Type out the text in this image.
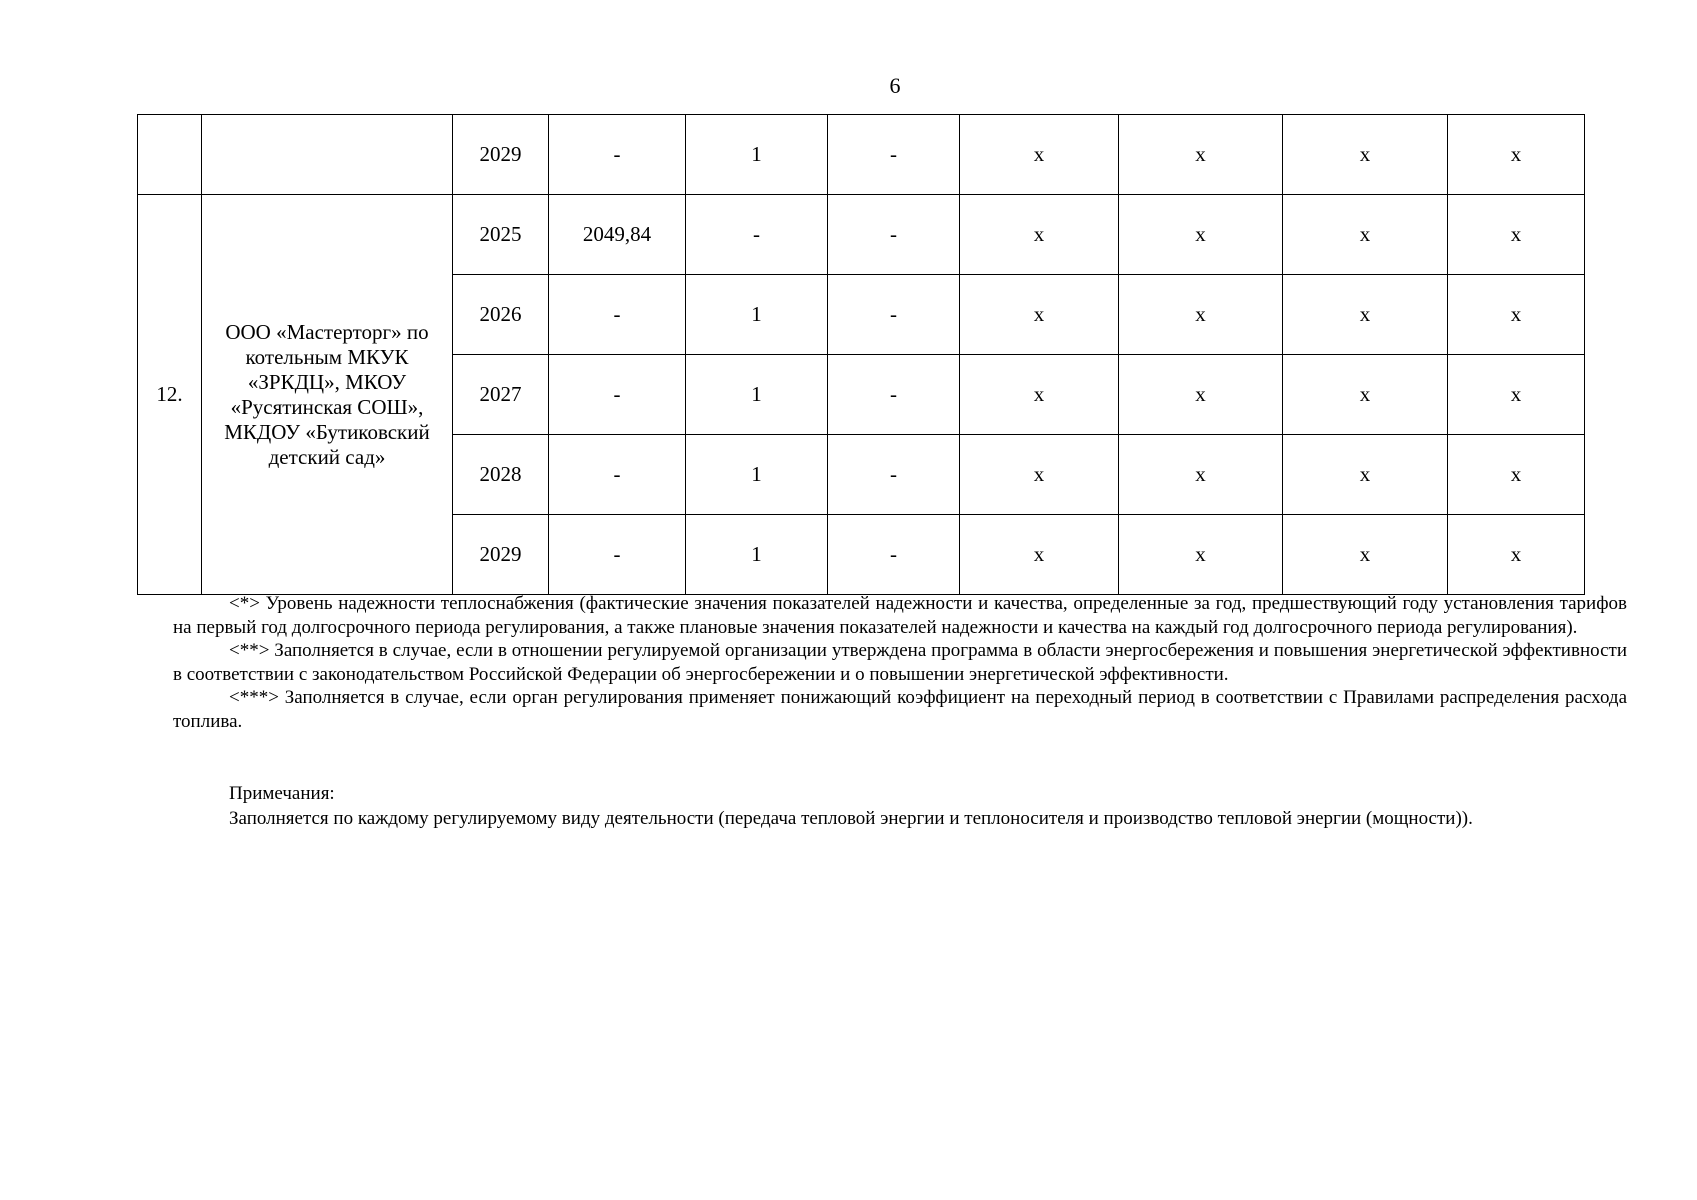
6
		2029	-	1	-	x	x	x	x
12.	ООО «Мастерторг» по котельным МКУК «ЗРКДЦ», МКОУ «Русятинская СОШ», МКДОУ «Бутиковский детский сад»	2025	2049,84	-	-	x	x	x	x
		2026	-	1	-	x	x	x	x
		2027	-	1	-	x	x	x	x
		2028	-	1	-	x	x	x	x
		2029	-	1	-	x	x	x	x

<*> Уровень надежности теплоснабжения (фактические значения показателей надежности и качества, определенные за год, предшествующий году установления тарифов на первый год долгосрочного периода регулирования, а также плановые значения показателей надежности и качества на каждый год долгосрочного периода регулирования).

<**> Заполняется в случае, если в отношении регулируемой организации утверждена программа в области энергосбережения и повышения энергетической эффективности в соответствии с законодательством Российской Федерации об энергосбережении и о повышении энергетической эффективности.

<***> Заполняется в случае, если орган регулирования применяет понижающий коэффициент на переходный период в соответствии с Правилами распределения расхода топлива.

Примечания:

Заполняется по каждому регулируемому виду деятельности (передача тепловой энергии и теплоносителя и производство тепловой энергии (мощности)).
